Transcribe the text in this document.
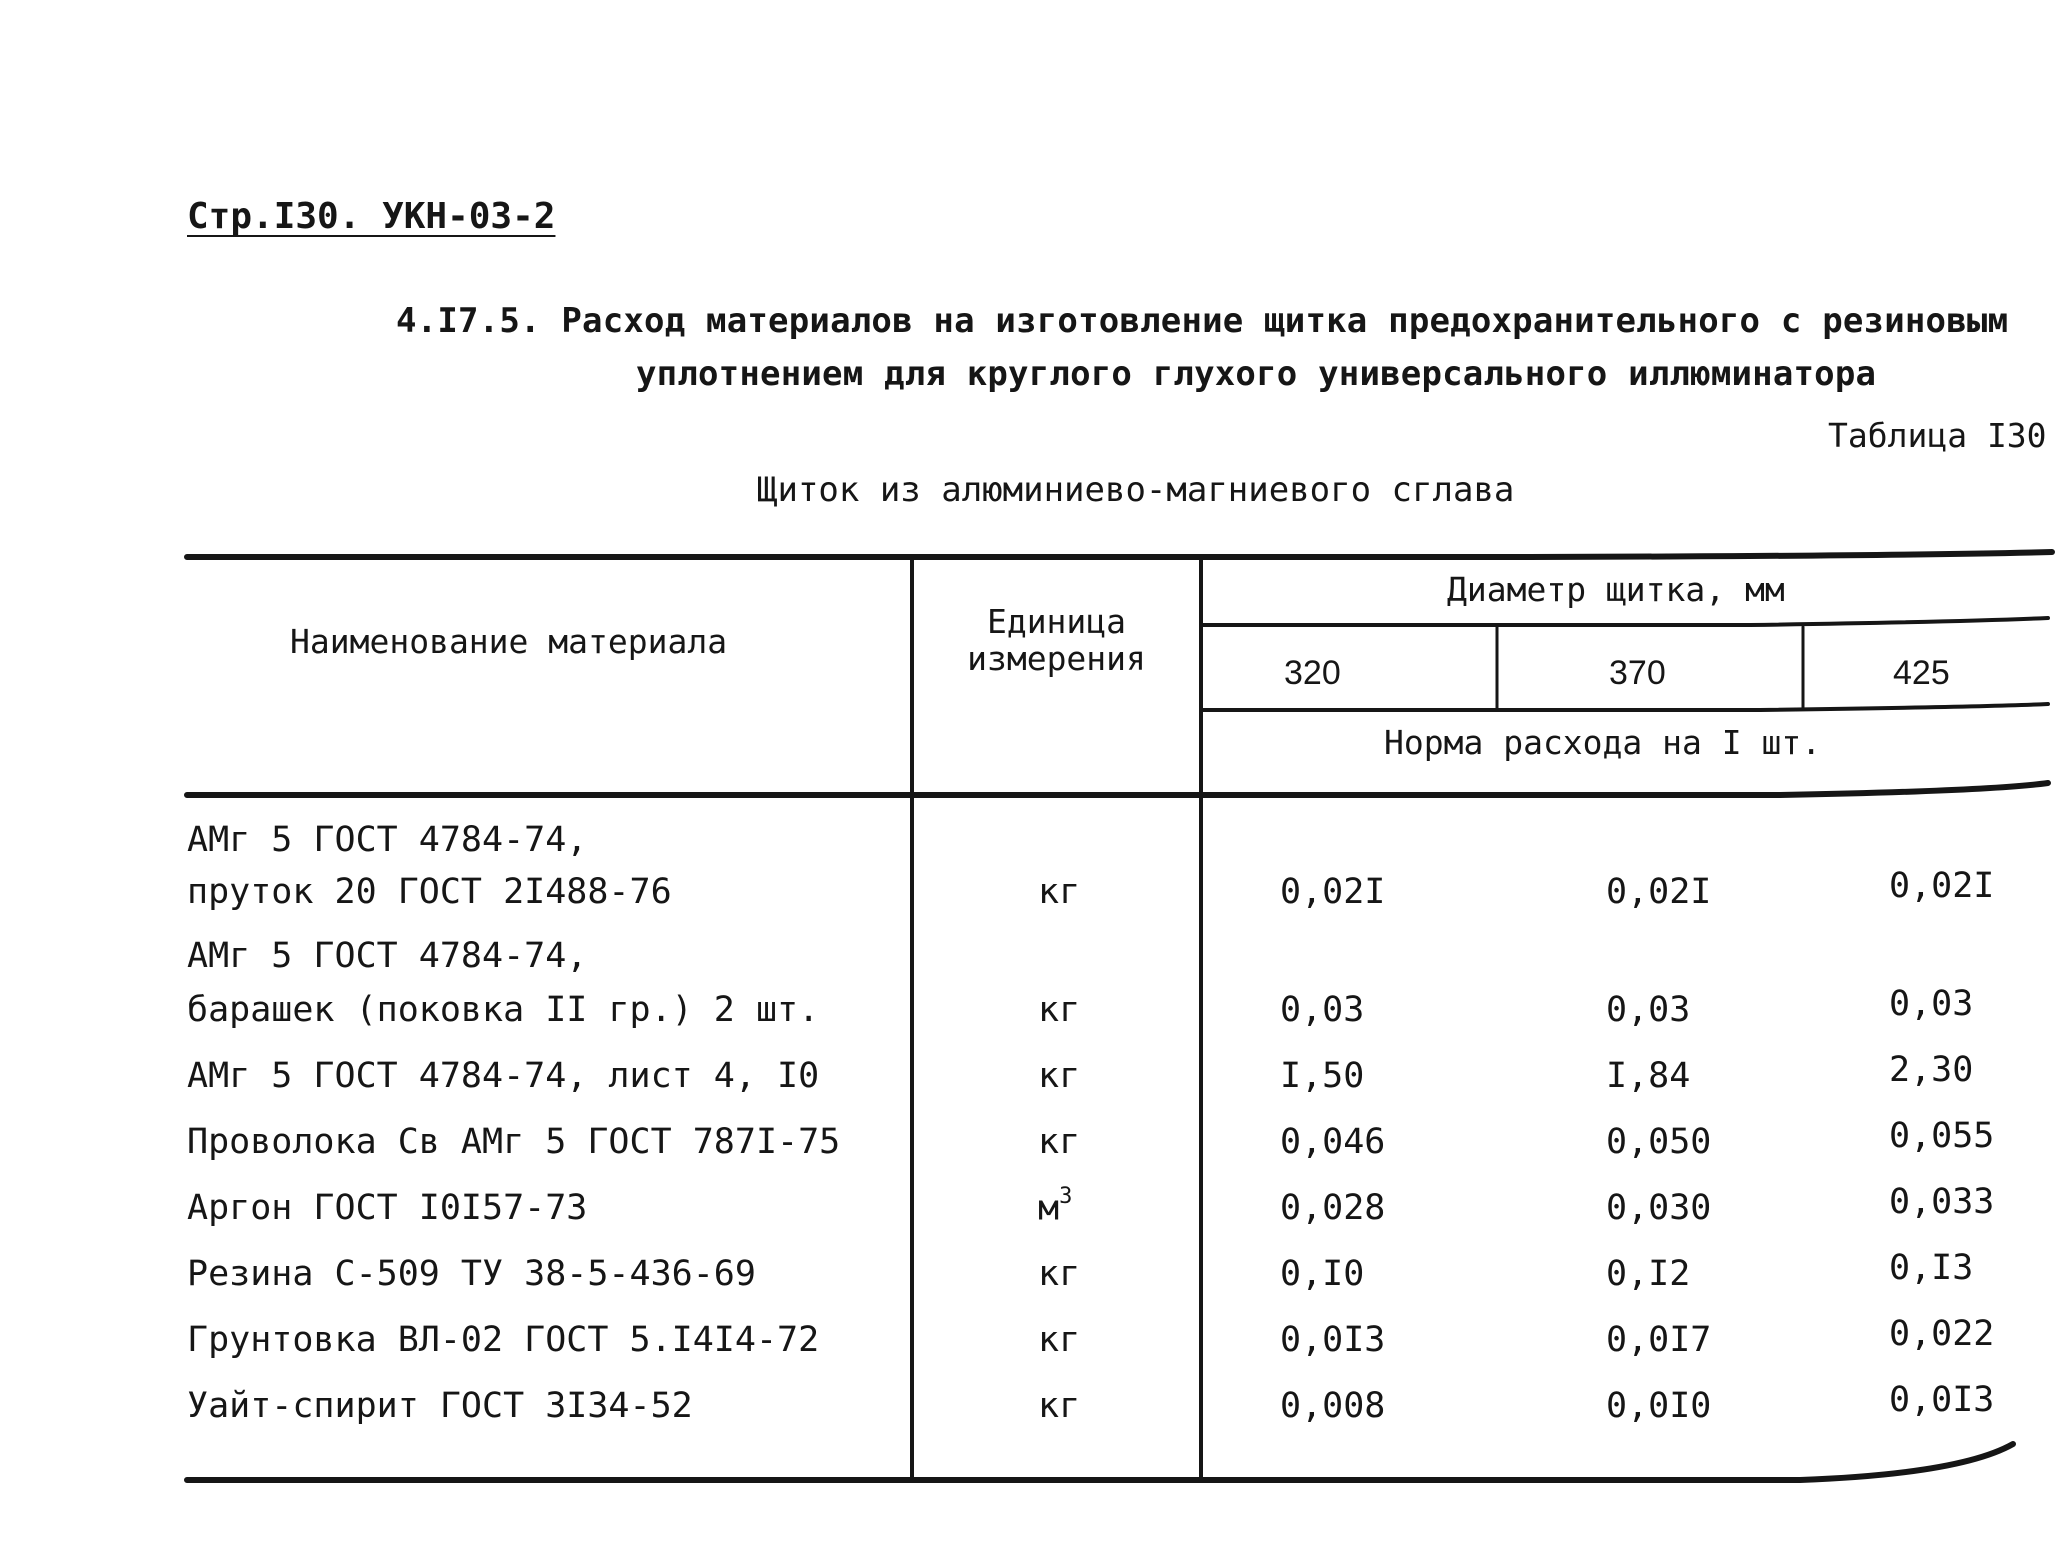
Стр.I30. УКН-03-2
4.I7.5. Расход материалов на изготовление щитка предохранительного с резиновым
уплотнением для круглого глухого универсального иллюминатора
Таблица I30
Щиток из алюминиево-магниевого сглава
Наименование материала
Единица
измерения
Диаметр щитка, мм
320	370	425
Норма расхода на I шт.
АМг 5 ГОСТ 4784-74,
пруток 20 ГОСТ 2I488-76	кг	0,02I	0,02I	0,02I
АМг 5 ГОСТ 4784-74,
барашек (поковка II гр.) 2 шт.	кг	0,03	0,03	0,03
АМг 5 ГОСТ 4784-74, лист 4, I0	кг	I,50	I,84	2,30
Проволока Св АМг 5 ГОСТ 787I-75	кг	0,046	0,050	0,055
Аргон ГОСТ I0I57-73	$м^3$	0,028	0,030	0,033
Резина С-509 ТУ 38-5-436-69	кг	0,I0	0,I2	0,I3
Грунтовка ВЛ-02 ГОСТ 5.I4I4-72	кг	0,0I3	0,0I7	0,022
Уайт-спирит ГОСТ 3I34-52	кг	0,008	0,0I0	0,0I3
